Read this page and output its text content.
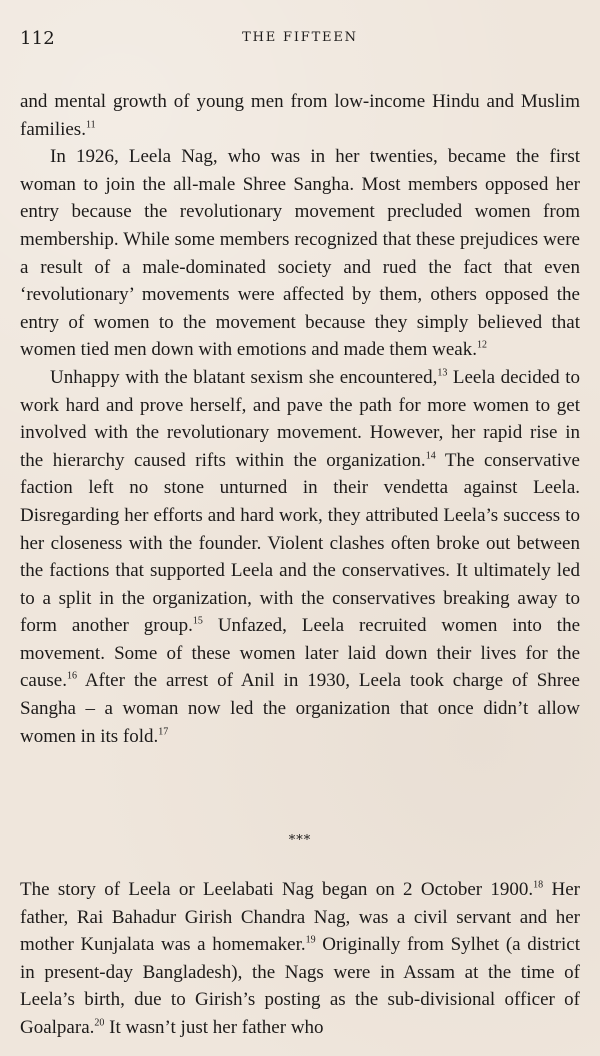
112	THE FIFTEEN

and mental growth of young men from low-income Hindu and Muslim families.$^{11}$

In 1926, Leela Nag, who was in her twenties, became the first woman to join the all-male Shree Sangha. Most members opposed her entry because the revolutionary movement precluded women from membership. While some members recognized that these prejudices were a result of a male-dominated society and rued the fact that even ‘revolutionary’ movements were affected by them, others opposed the entry of women to the movement because they simply believed that women tied men down with emotions and made them weak.$^{12}$

Unhappy with the blatant sexism she encountered,$^{13}$ Leela decided to work hard and prove herself, and pave the path for more women to get involved with the revolutionary movement. However, her rapid rise in the hierarchy caused rifts within the organization.$^{14}$ The conservative faction left no stone unturned in their vendetta against Leela. Disregarding her efforts and hard work, they attributed Leela’s success to her closeness with the founder. Violent clashes often broke out between the factions that supported Leela and the conservatives. It ultimately led to a split in the organization, with the conservatives breaking away to form another group.$^{15}$ Unfazed, Leela recruited women into the movement. Some of these women later laid down their lives for the cause.$^{16}$ After the arrest of Anil in 1930, Leela took charge of Shree Sangha – a woman now led the organization that once didn’t allow women in its fold.$^{17}$

***

The story of Leela or Leelabati Nag began on 2 October 1900.18 Her father, Rai Bahadur Girish Chandra Nag, was a civil servant and her mother Kunjalata was a homemaker.$^{19}$ Originally from Sylhet (a district in present-day Bangladesh), the Nags were in Assam at the time of Leela’s birth, due to Girish’s posting as the sub-divisional officer of Goalpara.$^{20}$ It wasn’t just her father who
